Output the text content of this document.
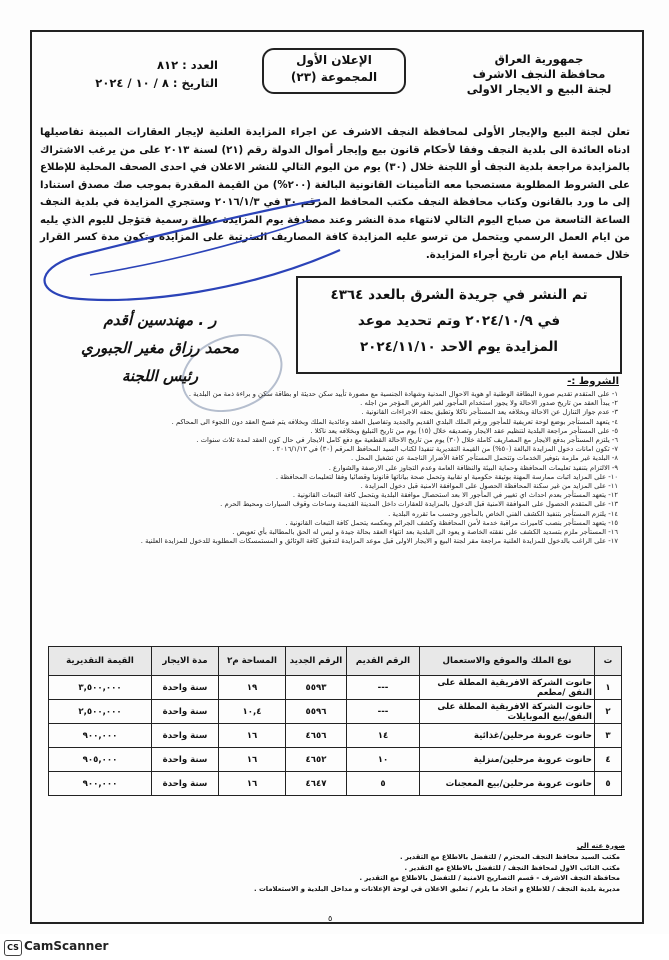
جمهورية العراق
محافظة النجف الاشرف
لجنة البيع و الايجار الاولى
الإعلان الأول
المجموعة (٢٣)
العدد : ٨١٢
التاريخ : ٨ / ١٠ / ٢٠٢٤
تعلن لجنة البيع والإيجار الأولى لمحافظة النجف الاشرف عن اجراء المزايدة العلنية لإيجار العقارات المبينة تفاصيلها ادناه العائدة الى بلدية النجف وفقا لأحكام قانون بيع وإيجار أموال الدولة رقم (٢١) لسنة ٢٠١٣ على من يرغب الاشتراك بالمزايدة مراجعة بلدية النجف أو اللجنة خلال (٣٠) يوم من اليوم التالي للنشر الاعلان في احدى الصحف المحلية للإطلاع على الشروط المطلوبة مستصحبا معه التأمينات القانونية البالغة (٢٠٠%) من القيمة المقدرة بموجب صك مصدق استنادا إلى ما ورد بالقانون وكتاب محافظة النجف مكتب المحافظ المرقم ٣٠ في ٢٠١٦/١/٣ وستجري المزايدة في بلدية النجف الساعة التاسعة من صباح اليوم التالي لانتهاء مدة النشر وعند مصادفة يوم المزايدة عطلة رسمية فتؤجل لليوم الذي يليه من ايام العمل الرسمي ويتحمل من ترسو عليه المزايدة كافة المصاريف المترتبة على المزايدة وتكون مدة كسر القرار خلال خمسة ايام من تاريخ أجراء المزايدة.
تم النشر في جريدة الشرق بالعدد ٤٣٦٤
في ٢٠٢٤/١٠/٩ وتم تحديد موعد
المزايدة يوم الاحد ٢٠٢٤/١١/١٠
ر . مهندسين أقدم
محمد رزاق مغير الجبوري
رئيس اللجنة	الشروط :-

١- على المتقدم تقديم صورة البطاقة الوطنية او هوية الاحوال المدنية وشهادة الجنسية مع مصورة تأييد سكن حديثة او بطاقة سكن و براءة ذمة من البلدية .

٢- يبدأ العقد من تاريخ صدور الاحالة ولا يجوز استخدام المأجور لغير الغرض المؤجر من اجله .

٣- عدم جواز التنازل عن الاحالة وبخلافه يعد المستأجر ناكلا وتطبق بحقه الاجراءات القانونية .

٤- يتعهد المستأجر بوضع لوحة تعريفية للمأجور ورقم الملك البلدي القديم والجديد وتفاصيل العقد وعائدية الملك وبخلافه يتم فسخ العقد دون اللجوء الى المحاكم .

٥- على المستأجر مراجعة البلدية لتنظيم عقد الايجار وتصديقه خلال (١٥) يوم من تاريخ التبليغ وبخلافه يعد ناكلا .

٦- يلتزم المستأجر بدفع الايجار مع المصاريف كاملة خلال (٣٠) يوم من تاريخ الاحالة القطعية مع دفع كامل الايجار في حال كون العقد لمدة ثلاث سنوات .

٧- تكون امانات دخول المزايدة البالغة (٥٠%) من القيمة التقديرية تنفيذا لكتاب السيد المحافظ المرقم (٣٠) في ٢٠١٦/١/١٣ .

٨- البلدية غير ملزمة بتوفير الخدمات وتتحمل المستأجر كافة الأضرار الناجمة عن تشغيل المحل .

٩- الالتزام بتنفيذ تعليمات المحافظة وحماية البيئة والنظافة العامة وعدم التجاوز على الارصفة والشوارع .

١٠- على المزايد اثبات ممارسة المهنة بوثيقة حكومية او نقابية وتحمل صحة بياناتها قانونيا وقضائيا وفقا لتعليمات المحافظة .

١١- على المزايد من غير سكنة المحافظة الحصول على الموافقة الامنية قبل دخول المزايدة .

١٢- يتعهد المستأجر بعدم احداث اي تغيير في المأجور الا بعد استحصال موافقة البلدية ويتحمل كافة التبعات القانونية .

١٣- على المتقدم الحصول على الموافقة الامنية قبل الدخول بالمزايدة للعقارات داخل المدينة القديمة وساحات وقوف السيارات ومحيط الحرم .

١٤- يلتزم المستأجر بتنفيذ الكشف الفني الخاص بالمأجور وحسب ما تقرره البلدية .

١٥- يتعهد المستأجر بنصب كاميرات مراقبة خدمة لأمن المحافظة وكشف الجرائم وبعكسه يتحمل كافة التبعات القانونية .

١٦- المستأجر ملزم بتسديد الكشف على نفقته الخاصة و يعود الى البلدية بعد انتهاء العقد بحالة جيدة و ليس له الحق بالمطالبة بأي تعويض .

١٧- على الراغب بالدخول للمزايدة العلنية مراجعة مقر لجنة البيع و الايجار الاولى قبل موعد المزايدة لتدقيق كافة الوثائق و المستمسكات المطلوبة للدخول للمزايدة العلنية .

ت	نوع الملك والموقع والاستعمال	الرقم القديم	الرقم الجديد	المساحة م٢	مدة الايجار	القيمة التقديرية
١	حانوت الشركة الافريقية المطلة على النفق /مطعم	---	٥٥٩٣	١٩	سنة واحدة	٣,٥٠٠,٠٠٠
٢	حانوت الشركة الافريقية المطلة على النفق/بيع الموبايلات	---	٥٥٩٦	١٠,٤	سنة واحدة	٢,٥٠٠,٠٠٠
٣	حانوت عروبة مرحلين/غذائية	١٤	٤٦٥٦	١٦	سنة واحدة	٩٠٠,٠٠٠
٤	حانوت عروبة مرحلين/منزلية	١٠	٤٦٥٢	١٦	سنة واحدة	٩٠٥,٠٠٠
٥	حانوت عروبة مرحلين/بيع المعجنات	٥	٤٦٤٧	١٦	سنة واحدة	٩٠٠,٠٠٠
صورة عنه الى

مكتب السيد محافظ النجف المحترم / للتفضل بالاطلاع مع التقدير .

مكتب النائب الاول لمحافظ النجف / للتفضل بالاطلاع مع التقدير .

محافظة النجف الاشرف - قسم التصاريح الامنية / للتفضل بالاطلاع مع التقدير .

مديرية بلدية النجف / للاطلاع و اتخاذ ما يلزم / تعليق الاعلان في لوحة الإعلانات و مداخل البلدية و الاستعلامات .

٥
CS CamScanner
